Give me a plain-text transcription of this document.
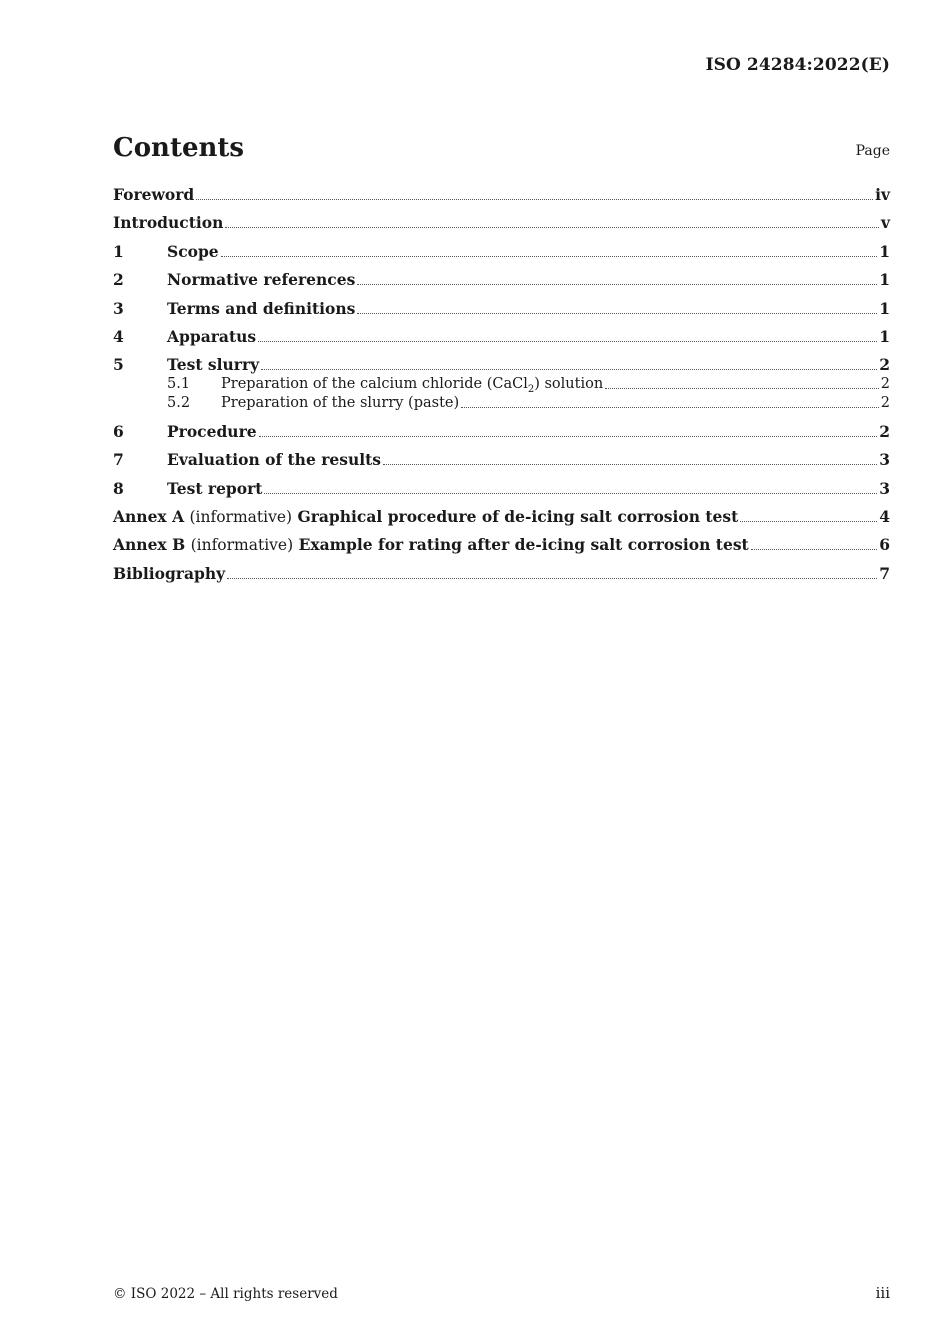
ISO 24284:2022(E)
Contents	Page
Foreword	iv
Introduction	v
1	Scope	1
2	Normative references	1
3	Terms and definitions	1
4	Apparatus	1
5	Test slurry	2
5.1	Preparation of the calcium chloride (CaCl$_2$) solution	2
5.2	Preparation of the slurry (paste)	2
6	Procedure	2
7	Evaluation of the results	3
8	Test report	3
Annex A (informative) Graphical procedure of de-icing salt corrosion test	4
Annex B (informative) Example for rating after de-icing salt corrosion test	6
Bibliography	7
© ISO 2022 – All rights reserved	iii
